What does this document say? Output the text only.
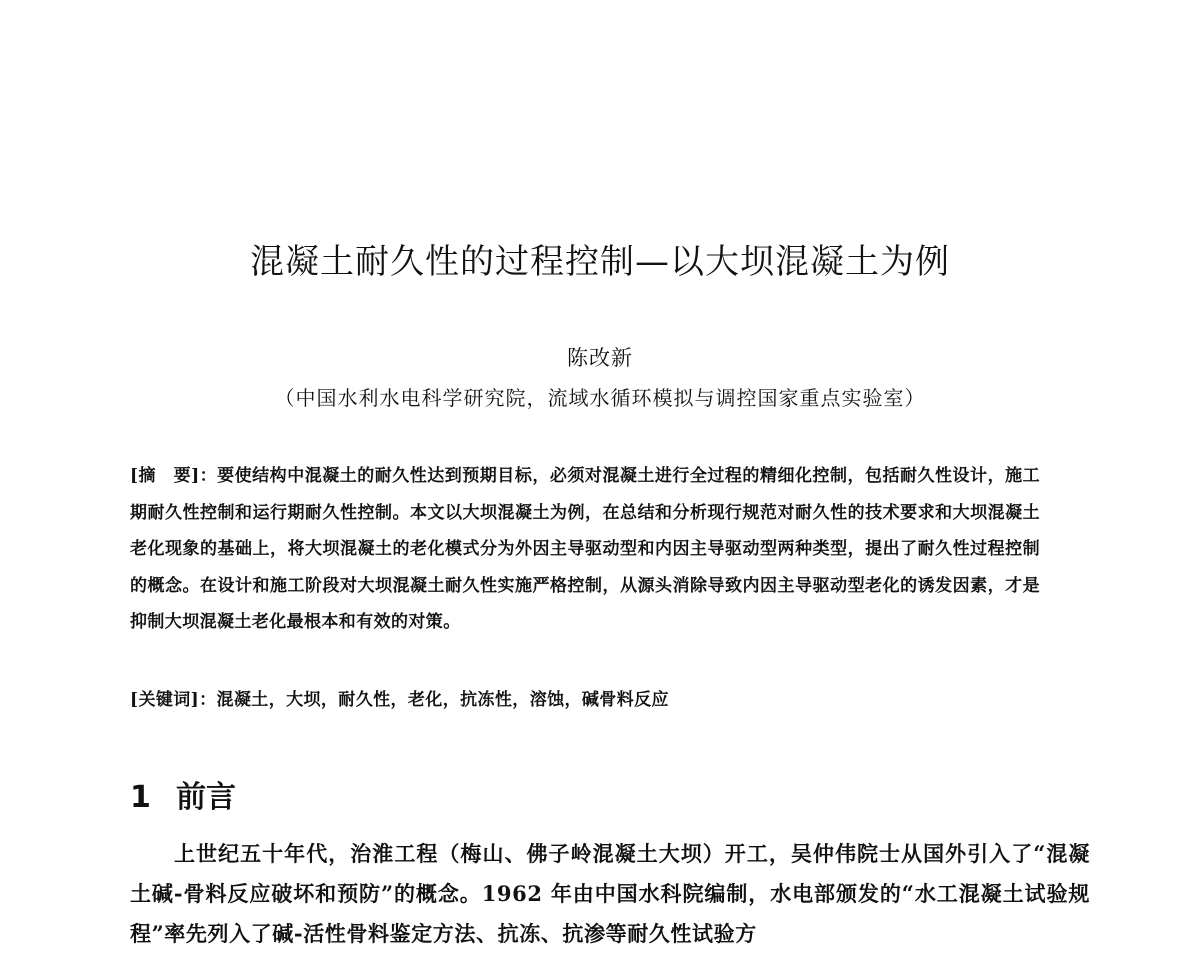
混凝土耐久性的过程控制—以大坝混凝土为例
陈改新
（中国水利水电科学研究院，流域水循环模拟与调控国家重点实验室）
[摘　要]：要使结构中混凝土的耐久性达到预期目标，必须对混凝土进行全过程的精细化控制，包括耐久性设计，施工期耐久性控制和运行期耐久性控制。本文以大坝混凝土为例，在总结和分析现行规范对耐久性的技术要求和大坝混凝土老化现象的基础上，将大坝混凝土的老化模式分为外因主导驱动型和内因主导驱动型两种类型，提出了耐久性过程控制的概念。在设计和施工阶段对大坝混凝土耐久性实施严格控制，从源头消除导致内因主导驱动型老化的诱发因素，才是抑制大坝混凝土老化最根本和有效的对策。
[关键词]：混凝土，大坝，耐久性，老化，抗冻性，溶蚀，碱骨料反应
1 前言
上世纪五十年代，治淮工程（梅山、佛子岭混凝土大坝）开工，吴仲伟院士从国外引入了“混凝土碱-骨料反应破坏和预防”的概念。1962 年由中国水科院编制，水电部颁发的“水工混凝土试验规程”率先列入了碱-活性骨料鉴定方法、抗冻、抗渗等耐久性试验方
